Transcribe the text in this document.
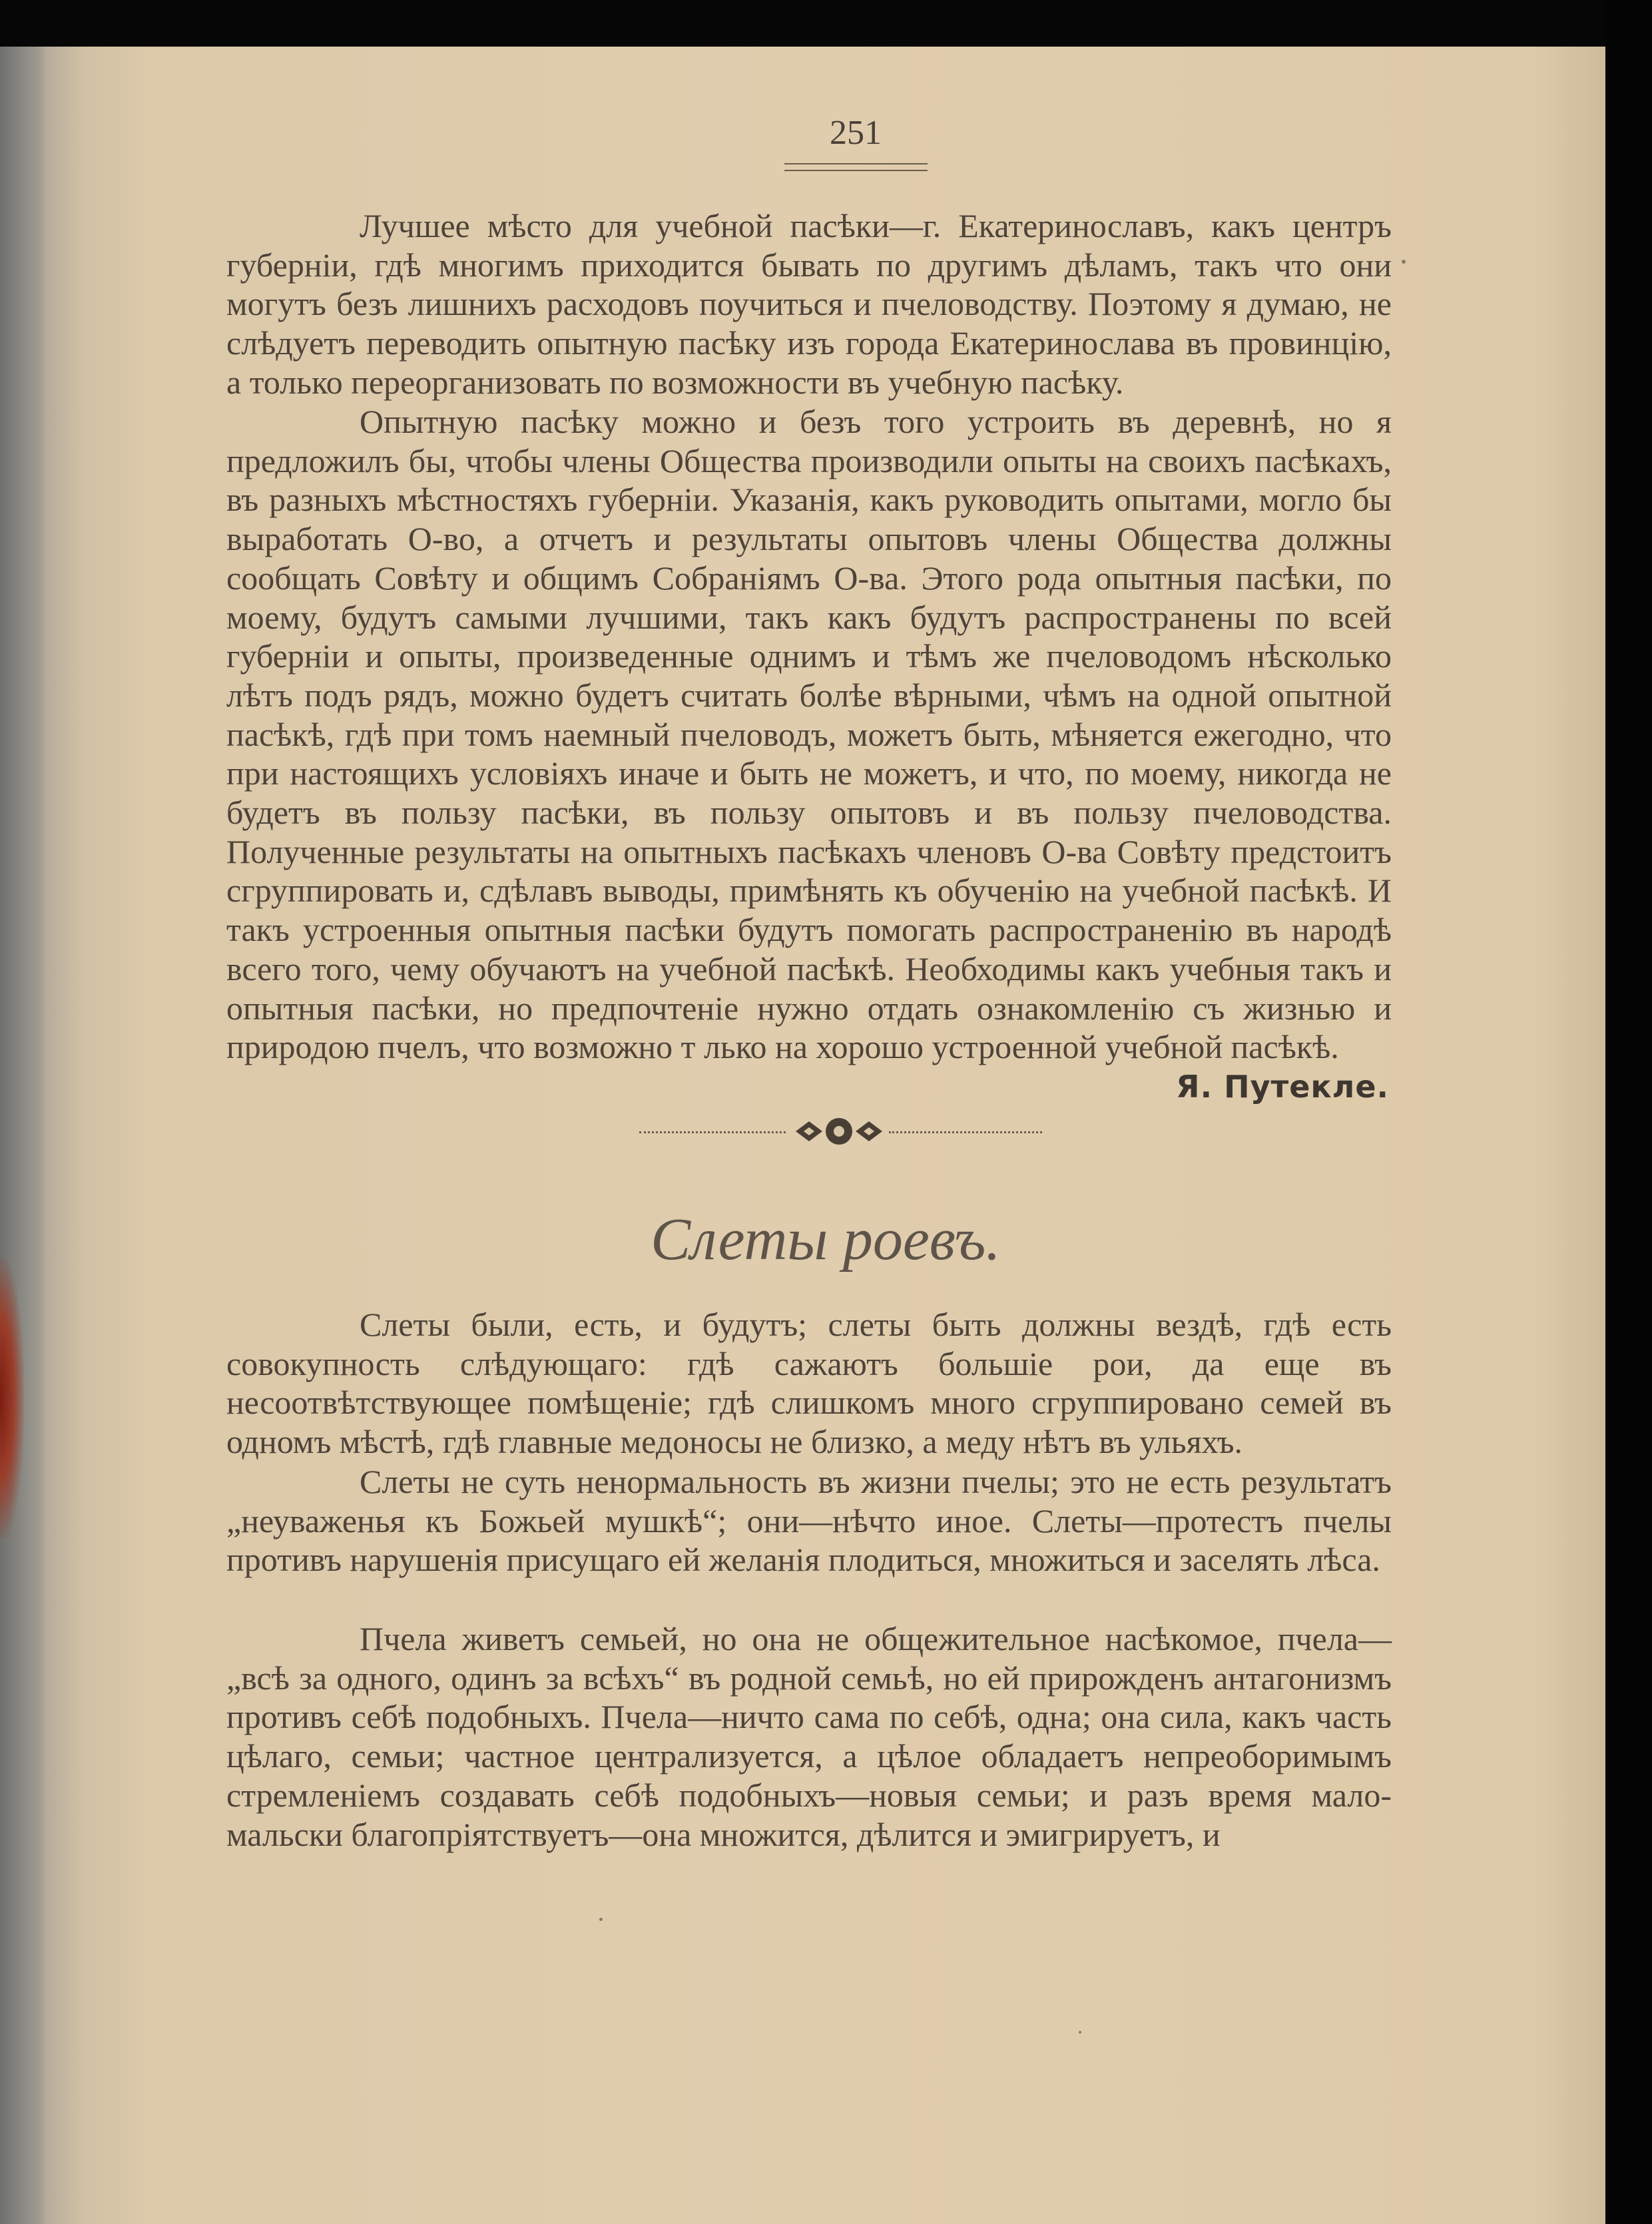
251

Лучшее мѣсто для учебной пасѣки—г. Екатеринославъ, какъ центръ губерніи, гдѣ многимъ приходится бывать по другимъ дѣламъ, такъ что они могутъ безъ лишнихъ расходовъ поучиться и пчеловодству. Поэтому я думаю, не слѣдуетъ переводить опытную пасѣку изъ города Екатеринослава въ провинцію, а только переорганизовать по возможности въ учебную пасѣку.

Опытную пасѣку можно и безъ того устроить въ деревнѣ, но я предложилъ бы, чтобы члены Общества производили опыты на своихъ пасѣкахъ, въ разныхъ мѣстностяхъ губерніи. Указанія, какъ руководить опытами, могло бы выработать О-во, а отчетъ и результаты опытовъ члены Общества должны сообщать Совѣту и общимъ Собраніямъ О-ва. Этого рода опытныя пасѣки, по моему, будутъ самыми лучшими, такъ какъ будутъ распространены по всей губерніи и опыты, произведенные однимъ и тѣмъ же пчеловодомъ нѣсколько лѣтъ подъ рядъ, можно будетъ считать болѣе вѣрными, чѣмъ на одной опытной пасѣкѣ, гдѣ при томъ наемный пчеловодъ, можетъ быть, мѣняется ежегодно, что при настоящихъ условіяхъ иначе и быть не можетъ, и что, по моему, никогда не будетъ въ пользу пасѣки, въ пользу опытовъ и въ пользу пчеловодства. Полученные результаты на опытныхъ пасѣкахъ членовъ О-ва Совѣту предстоитъ сгруппировать и, сдѣлавъ выводы, примѣнять къ обученію на учебной пасѣкѣ. И такъ устроенныя опытныя пасѣки будутъ помогать распространенію въ народѣ всего того, чему обучаютъ на учебной пасѣкѣ. Необходимы какъ учебныя такъ и опытныя пасѣки, но предпочтеніе нужно отдать ознакомленію съ жизнью и природою пчелъ, что возможно т лько на хорошо устроенной учебной пасѣкѣ.

Я. Путекле.
Слеты роевъ.

Слеты были, есть, и будутъ; слеты быть должны вездѣ, гдѣ есть совокупность слѣдующаго: гдѣ сажаютъ большіе рои, да еще въ несоотвѣтствующее помѣщеніе; гдѣ слишкомъ много сгруппировано семей въ одномъ мѣстѣ, гдѣ главные медоносы не близко, а меду нѣтъ въ ульяхъ.

Слеты не суть ненормальность въ жизни пчелы; это не есть результатъ „неуваженья къ Божьей мушкѣ“; они—нѣчто иное. Слеты—протестъ пчелы противъ нарушенія присущаго ей желанія плодиться, множиться и заселять лѣса.

Пчела живетъ семьей, но она не общежительное насѣкомое, пчела—„всѣ за одного, одинъ за всѣхъ“ въ родной семьѣ, но ей прирожденъ антагонизмъ противъ себѣ подобныхъ. Пчела—ничто сама по себѣ, одна; она сила, какъ часть цѣлаго, семьи; частное централизуется, а цѣлое обладаетъ непреоборимымъ стремленіемъ создавать себѣ подобныхъ—новыя семьи; и разъ время мало-мальски благопріятствуетъ—она множится, дѣлится и эмигрируетъ, и
